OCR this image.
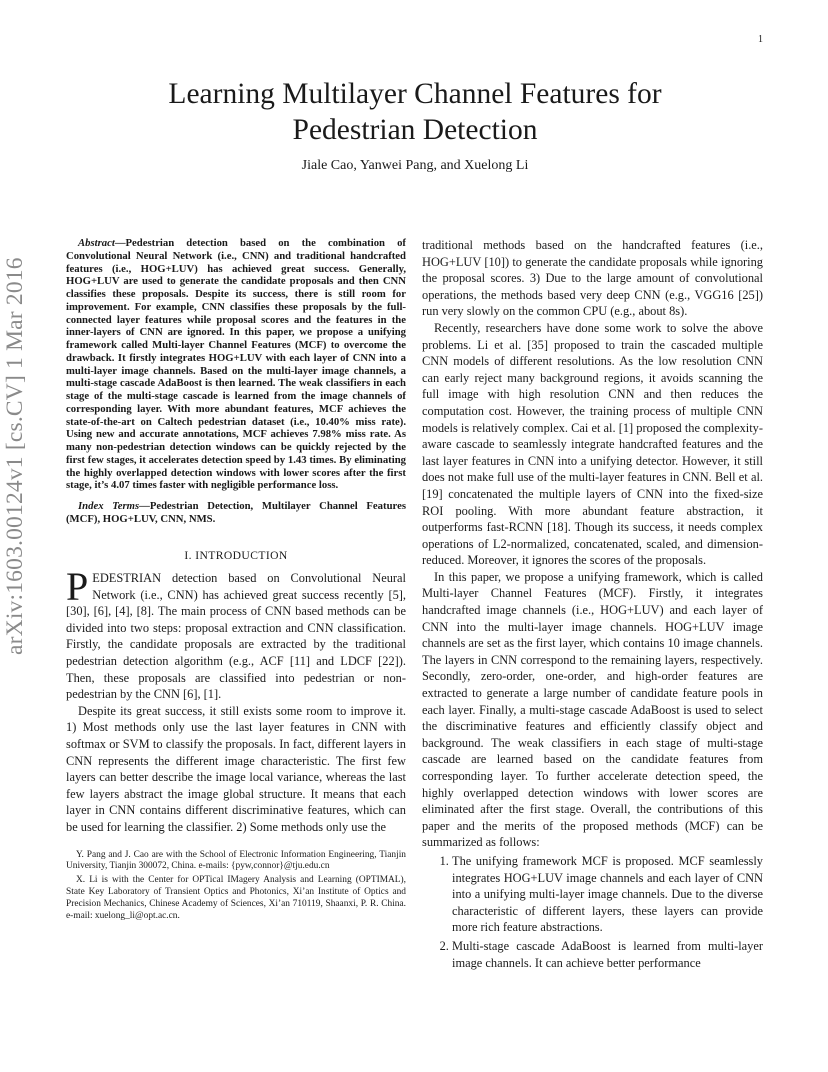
1
arXiv:1603.00124v1 [cs.CV] 1 Mar 2016
Learning Multilayer Channel Features for
Pedestrian Detection
Jiale Cao, Yanwei Pang, and Xuelong Li

Abstract—Pedestrian detection based on the combination of Convolutional Neural Network (i.e., CNN) and traditional handcrafted features (i.e., HOG+LUV) has achieved great success. Generally, HOG+LUV are used to generate the candidate proposals and then CNN classifies these proposals. Despite its success, there is still room for improvement. For example, CNN classifies these proposals by the full-connected layer features while proposal scores and the features in the inner-layers of CNN are ignored. In this paper, we propose a unifying framework called Multi-layer Channel Features (MCF) to overcome the drawback. It firstly integrates HOG+LUV with each layer of CNN into a multi-layer image channels. Based on the multi-layer image channels, a multi-stage cascade AdaBoost is then learned. The weak classifiers in each stage of the multi-stage cascade is learned from the image channels of corresponding layer. With more abundant features, MCF achieves the state-of-the-art on Caltech pedestrian dataset (i.e., 10.40% miss rate). Using new and accurate annotations, MCF achieves 7.98% miss rate. As many non-pedestrian detection windows can be quickly rejected by the first few stages, it accelerates detection speed by 1.43 times. By eliminating the highly overlapped detection windows with lower scores after the first stage, it’s 4.07 times faster with negligible performance loss.

Index Terms—Pedestrian Detection, Multilayer Channel Features (MCF), HOG+LUV, CNN, NMS.

I. INTRODUCTION

PEDESTRIAN detection based on Convolutional Neural Network (i.e., CNN) has achieved great success recently [5], [30], [6], [4], [8]. The main process of CNN based methods can be divided into two steps: proposal extraction and CNN classification. Firstly, the candidate proposals are extracted by the traditional pedestrian detection algorithm (e.g., ACF [11] and LDCF [22]). Then, these proposals are classified into pedestrian or non-pedestrian by the CNN [6], [1].

Despite its great success, it still exists some room to improve it. 1) Most methods only use the last layer features in CNN with softmax or SVM to classify the proposals. In fact, different layers in CNN represents the different image characteristic. The first few layers can better describe the image local variance, whereas the last few layers abstract the image global structure. It means that each layer in CNN contains different discriminative features, which can be used for learning the classifier. 2) Some methods only use the

Y. Pang and J. Cao are with the School of Electronic Information Engineering, Tianjin University, Tianjin 300072, China. e-mails: {pyw,connor}@tju.edu.cn

X. Li is with the Center for OPTical IMagery Analysis and Learning (OPTIMAL), State Key Laboratory of Transient Optics and Photonics, Xi’an Institute of Optics and Precision Mechanics, Chinese Academy of Sciences, Xi’an 710119, Shaanxi, P. R. China. e-mail: xuelong_li@opt.ac.cn.

traditional methods based on the handcrafted features (i.e., HOG+LUV [10]) to generate the candidate proposals while ignoring the proposal scores. 3) Due to the large amount of convolutional operations, the methods based very deep CNN (e.g., VGG16 [25]) run very slowly on the common CPU (e.g., about 8s).

Recently, researchers have done some work to solve the above problems. Li et al. [35] proposed to train the cascaded multiple CNN models of different resolutions. As the low resolution CNN can early reject many background regions, it avoids scanning the full image with high resolution CNN and then reduces the computation cost. However, the training process of multiple CNN models is relatively complex. Cai et al. [1] proposed the complexity-aware cascade to seamlessly integrate handcrafted features and the last layer features in CNN into a unifying detector. However, it still does not make full use of the multi-layer features in CNN. Bell et al. [19] concatenated the multiple layers of CNN into the fixed-size ROI pooling. With more abundant feature abstraction, it outperforms fast-RCNN [18]. Though its success, it needs complex operations of L2-normalized, concatenated, scaled, and dimension-reduced. Moreover, it ignores the scores of the proposals.

In this paper, we propose a unifying framework, which is called Multi-layer Channel Features (MCF). Firstly, it integrates handcrafted image channels (i.e., HOG+LUV) and each layer of CNN into the multi-layer image channels. HOG+LUV image channels are set as the first layer, which contains 10 image channels. The layers in CNN correspond to the remaining layers, respectively. Secondly, zero-order, one-order, and high-order features are extracted to generate a large number of candidate feature pools in each layer. Finally, a multi-stage cascade AdaBoost is used to select the discriminative features and efficiently classify object and background. The weak classifiers in each stage of multi-stage cascade are learned based on the candidate features from corresponding layer. To further accelerate detection speed, the highly overlapped detection windows with lower scores are eliminated after the first stage. Overall, the contributions of this paper and the merits of the proposed methods (MCF) can be summarized as follows:

1. The unifying framework MCF is proposed. MCF seamlessly integrates HOG+LUV image channels and each layer of CNN into a unifying multi-layer image channels. Due to the diverse characteristic of different layers, these layers can provide more rich feature abstractions.
2. Multi-stage cascade AdaBoost is learned from multi-layer image channels. It can achieve better performance
